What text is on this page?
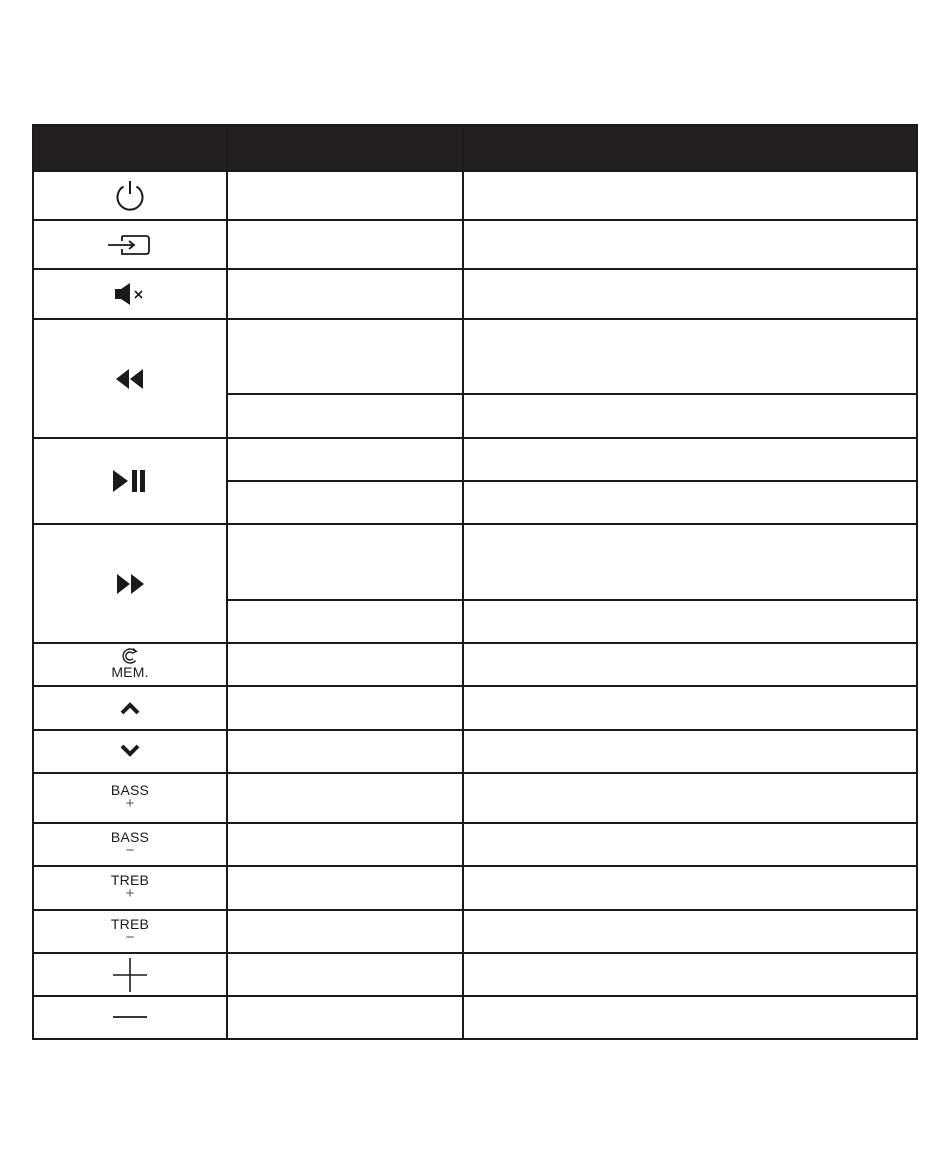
MEM.		

BASS
+		

BASS
−		

TREB
+		

TREB
−		
